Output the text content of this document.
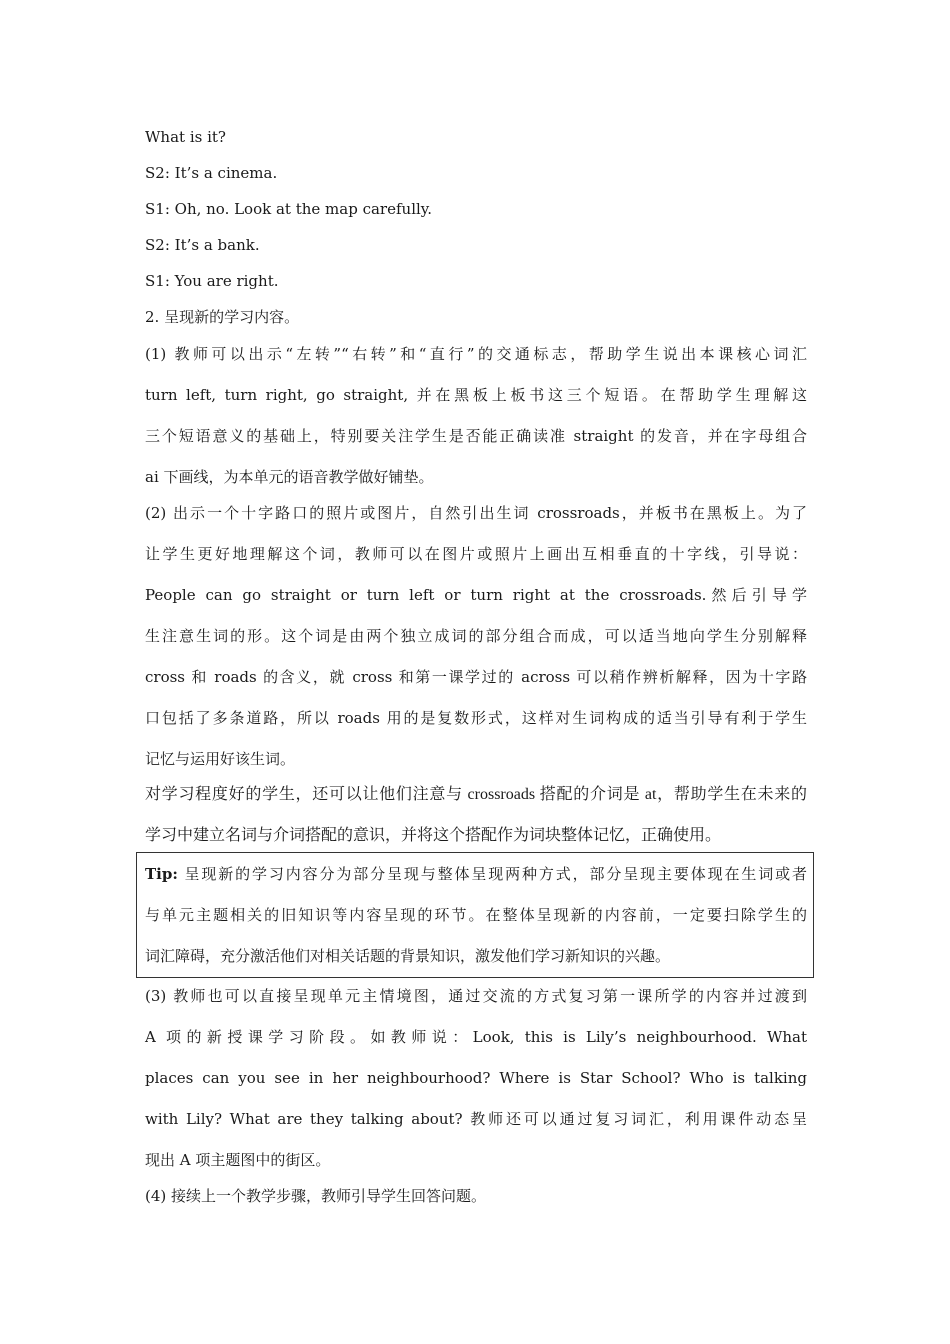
What is it?
S2: It’s a cinema.
S1: Oh, no. Look at the map carefully.
S2: It’s a bank.
S1: You are right.
2. 呈现新的学习内容。
(1) 教师可以出示“左转”“右转”和“直行”的交通标志，帮助学生说出本课核心词汇
turn left, turn right, go straight, 并在黑板上板书这三个短语。在帮助学生理解这
三个短语意义的基础上，特别要关注学生是否能正确读准 straight 的发音，并在字母组合
ai 下画线，为本单元的语音教学做好铺垫。
(2) 出示一个十字路口的照片或图片，自然引出生词 crossroads，并板书在黑板上。为了
让学生更好地理解这个词，教师可以在图片或照片上画出互相垂直的十字线，引导说：
People can go straight or turn left or turn right at the crossroads.然后引导学
生注意生词的形。这个词是由两个独立成词的部分组合而成，可以适当地向学生分别解释
cross 和 roads 的含义，就 cross 和第一课学过的 across 可以稍作辨析解释，因为十字路
口包括了多条道路，所以 roads 用的是复数形式，这样对生词构成的适当引导有利于学生
记忆与运用好该生词。
对学习程度好的学生，还可以让他们注意与 crossroads 搭配的介词是 at，帮助学生在未来的
学习中建立名词与介词搭配的意识，并将这个搭配作为词块整体记忆，正确使用。
Tip: 呈现新的学习内容分为部分呈现与整体呈现两种方式，部分呈现主要体现在生词或者
与单元主题相关的旧知识等内容呈现的环节。在整体呈现新的内容前，一定要扫除学生的
词汇障碍，充分激活他们对相关话题的背景知识，激发他们学习新知识的兴趣。
(3) 教师也可以直接呈现单元主情境图，通过交流的方式复习第一课所学的内容并过渡到
A 项的新授课学习阶段。如教师说：Look, this is Lily’s neighbourhood. What
places can you see in her neighbourhood? Where is Star School? Who is talking
with Lily? What are they talking about? 教师还可以通过复习词汇，利用课件动态呈
现出 A 项主题图中的街区。
(4) 接续上一个教学步骤，教师引导学生回答问题。
